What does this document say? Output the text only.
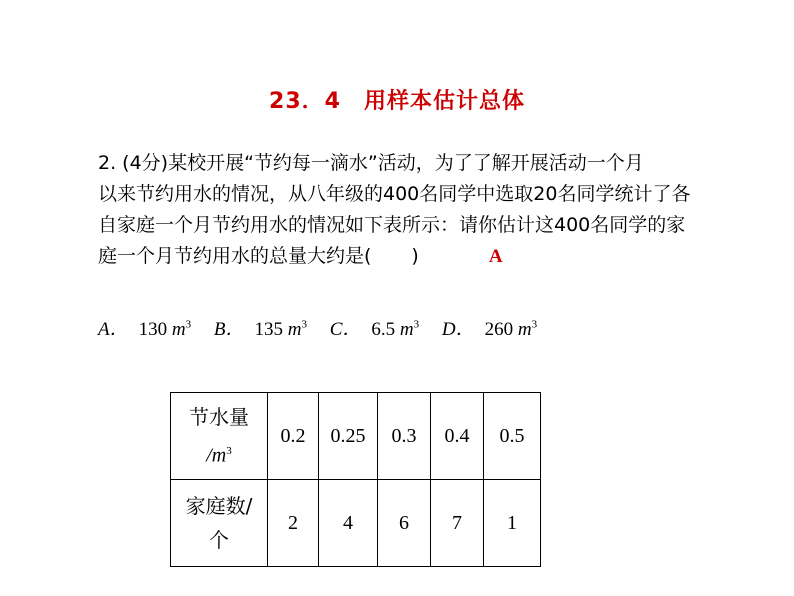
23．4　用样本估计总体
2. (4分)某校开展“节约每一滴水”活动，为了了解开展活动一个月
以来节约用水的情况，从八年级的400名同学中选取20名同学统计了各
自家庭一个月节约用水的情况如下表所示：请你估计这400名同学的家
庭一个月节约用水的总量大约是( )	A
A． 130 $m^3$ B． 135 $m^3$ C． 6.5 $m^3$ D． 260 $m^3$
节水量
$/m^3$	0.2	0.25	0.3	0.4	0.5

家庭数/
个	2	4	6	7	1
